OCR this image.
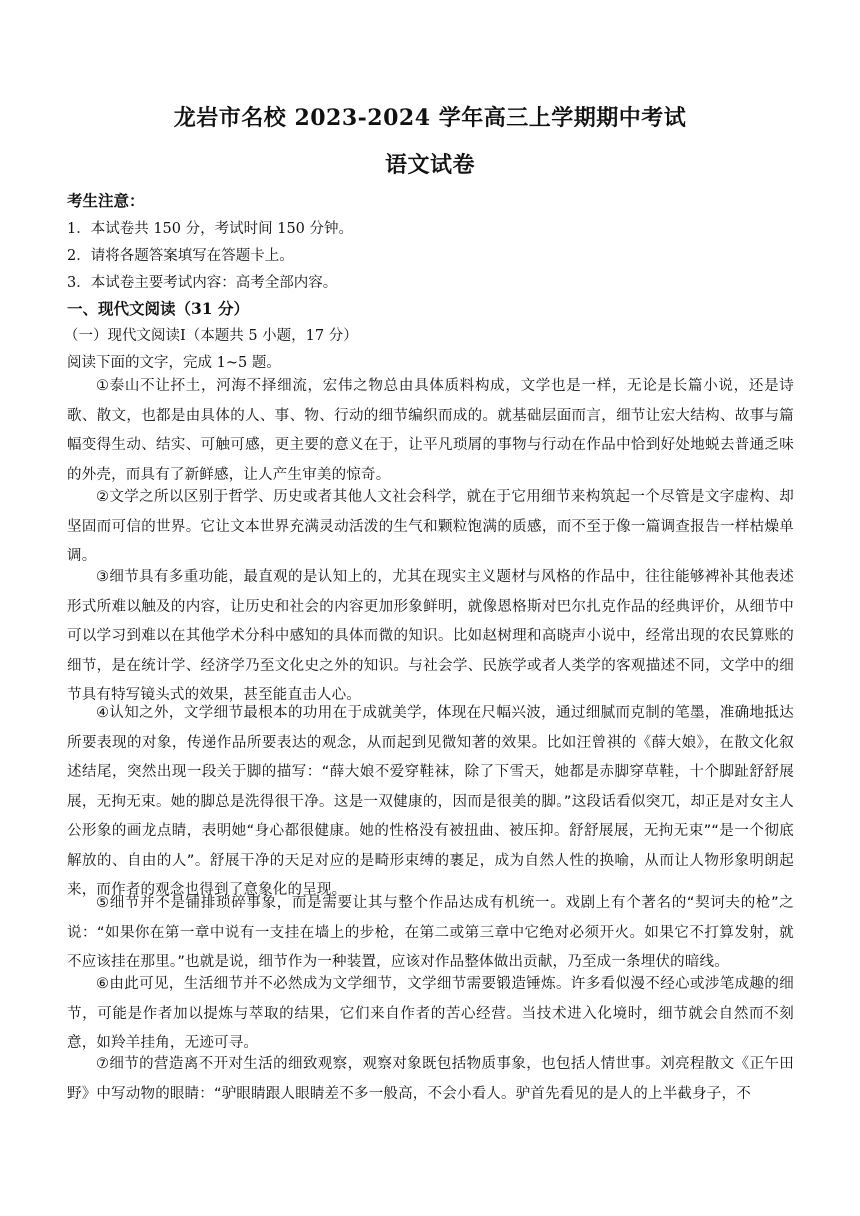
龙岩市名校 2023-2024 学年高三上学期期中考试
语文试卷
考生注意：
1．本试卷共 150 分，考试时间 150 分钟。
2．请将各题答案填写在答题卡上。
3．本试卷主要考试内容：高考全部内容。
一、现代文阅读（31 分）
（一）现代文阅读Ⅰ（本题共 5 小题，17 分）
阅读下面的文字，完成 1~5 题。

①泰山不让抔土，河海不择细流，宏伟之物总由具体质料构成，文学也是一样，无论是长篇小说，还是诗歌、散文，也都是由具体的人、事、物、行动的细节编织而成的。就基础层面而言，细节让宏大结构、故事与篇幅变得生动、结实、可触可感，更主要的意义在于，让平凡琐屑的事物与行动在作品中恰到好处地蜕去普通乏味的外壳，而具有了新鲜感，让人产生审美的惊奇。

②文学之所以区别于哲学、历史或者其他人文社会科学，就在于它用细节来构筑起一个尽管是文字虚构、却坚固而可信的世界。它让文本世界充满灵动活泼的生气和颗粒饱满的质感，而不至于像一篇调查报告一样枯燥单调。

③细节具有多重功能，最直观的是认知上的，尤其在现实主义题材与风格的作品中，往往能够裨补其他表述形式所难以触及的内容，让历史和社会的内容更加形象鲜明，就像恩格斯对巴尔扎克作品的经典评价，从细节中可以学习到难以在其他学术分科中感知的具体而微的知识。比如赵树理和高晓声小说中，经常出现的农民算账的细节，是在统计学、经济学乃至文化史之外的知识。与社会学、民族学或者人类学的客观描述不同，文学中的细节具有特写镜头式的效果，甚至能直击人心。

④认知之外，文学细节最根本的功用在于成就美学，体现在尺幅兴波，通过细腻而克制的笔墨，准确地抵达所要表现的对象，传递作品所要表达的观念，从而起到见微知著的效果。比如汪曾祺的《薛大娘》，在散文化叙述结尾，突然出现一段关于脚的描写：“薛大娘不爱穿鞋袜，除了下雪天，她都是赤脚穿草鞋，十个脚趾舒舒展展，无拘无束。她的脚总是洗得很干净。这是一双健康的，因而是很美的脚。”这段话看似突兀，却正是对女主人公形象的画龙点睛，表明她“身心都很健康。她的性格没有被扭曲、被压抑。舒舒展展，无拘无束”“是一个彻底解放的、自由的人”。舒展干净的天足对应的是畸形束缚的裹足，成为自然人性的换喻，从而让人物形象明朗起来，而作者的观念也得到了意象化的呈现。

⑤细节并不是铺排琐碎事象，而是需要让其与整个作品达成有机统一。戏剧上有个著名的“契诃夫的枪”之说：“如果你在第一章中说有一支挂在墙上的步枪，在第二或第三章中它绝对必须开火。如果它不打算发射，就不应该挂在那里。”也就是说，细节作为一种装置，应该对作品整体做出贡献，乃至成一条埋伏的暗线。

⑥由此可见，生活细节并不必然成为文学细节，文学细节需要锻造锤炼。许多看似漫不经心或涉笔成趣的细节，可能是作者加以提炼与萃取的结果，它们来自作者的苦心经营。当技术进入化境时，细节就会自然而不刻意，如羚羊挂角，无迹可寻。

⑦细节的营造离不开对生活的细致观察，观察对象既包括物质事象，也包括人情世事。刘亮程散文《正午田野》中写动物的眼睛：“驴眼睛跟人眼睛差不多一般高，不会小看人。驴首先看见的是人的上半截身子，不
